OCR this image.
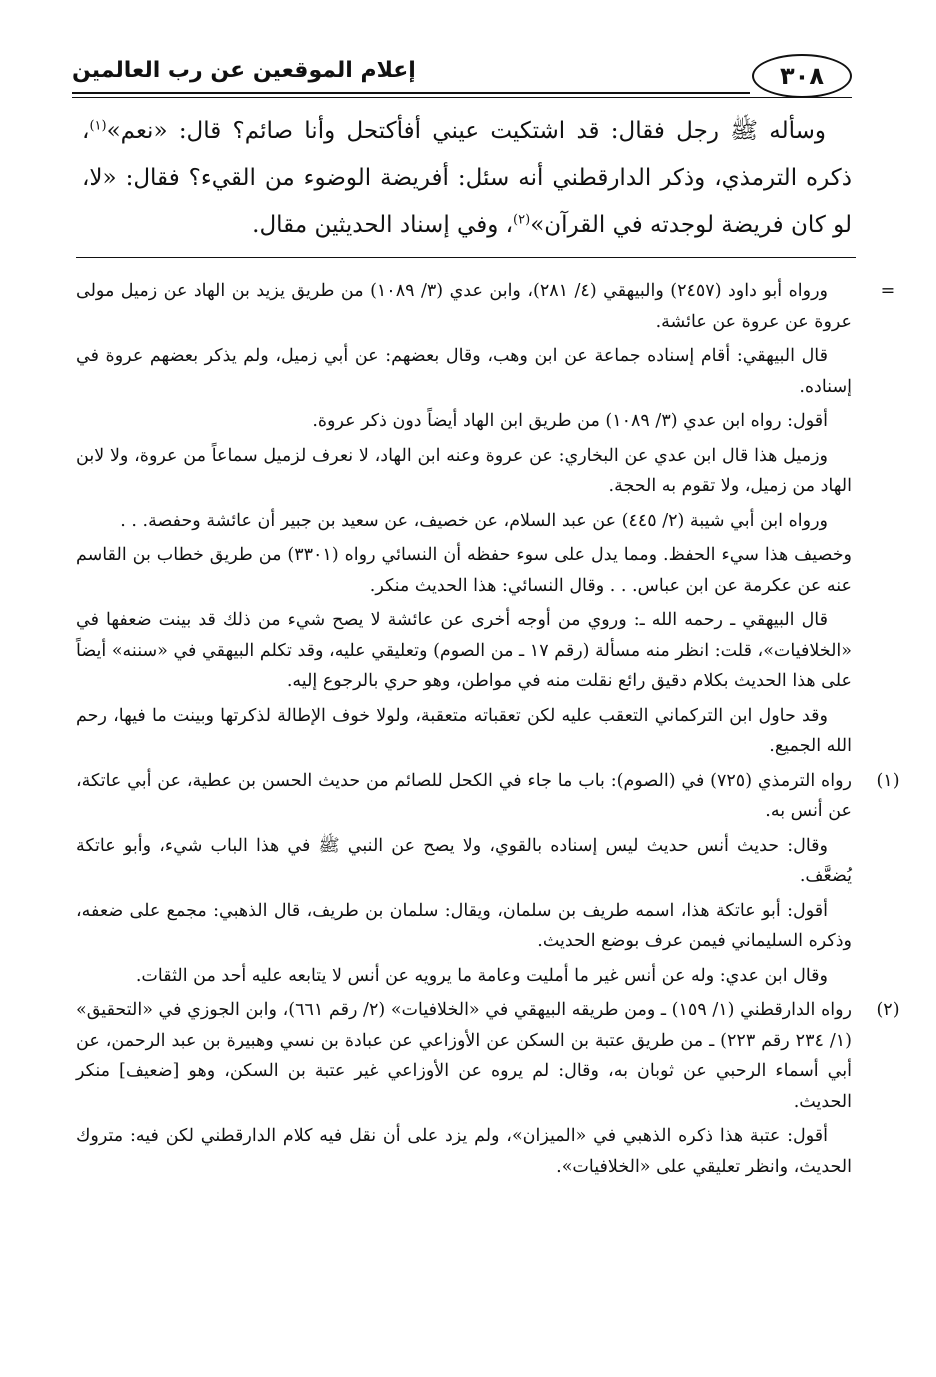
٣٠٨
إعلام الموقعين عن رب العالمين

وسأله ﷺ رجل فقال: قد اشتكيت عيني أفأكتحل وأنا صائم؟ قال: «نعم»$^{(١)}$، ذكره الترمذي، وذكر الدارقطني أنه سئل: أفريضة الوضوء من القيء؟ فقال: «لا، لو كان فريضة لوجدته في القرآن»$^{(٢)}$، وفي إسناد الحديثين مقال.

=

ورواه أبو داود (٢٤٥٧) والبيهقي (٤/ ٢٨١)، وابن عدي (٣/ ١٠٨٩) من طريق يزيد بن الهاد عن زميل مولى عروة عن عروة عن عائشة.

قال البيهقي: أقام إسناده جماعة عن ابن وهب، وقال بعضهم: عن أبي زميل، ولم يذكر بعضهم عروة في إسناده.

أقول: رواه ابن عدي (٣/ ١٠٨٩) من طريق ابن الهاد أيضاً دون ذكر عروة.

وزميل هذا قال ابن عدي عن البخاري: عن عروة وعنه ابن الهاد، لا نعرف لزميل سماعاً من عروة، ولا لابن الهاد من زميل، ولا تقوم به الحجة.

ورواه ابن أبي شيبة (٢/ ٤٤٥) عن عبد السلام، عن خصيف، عن سعيد بن جبير أن عائشة وحفصة. . .

وخصيف هذا سيء الحفظ. ومما يدل على سوء حفظه أن النسائي رواه (٣٣٠١) من طريق خطاب بن القاسم عنه عن عكرمة عن ابن عباس. . . وقال النسائي: هذا الحديث منكر.

قال البيهقي ـ رحمه الله ـ: وروي من أوجه أخرى عن عائشة لا يصح شيء من ذلك قد بينت ضعفها في «الخلافيات»، قلت: انظر منه مسألة (رقم ١٧ ـ من الصوم) وتعليقي عليه، وقد تكلم البيهقي في «سننه» أيضاً على هذا الحديث بكلام دقيق رائع نقلت منه في مواطن، وهو حري بالرجوع إليه.

وقد حاول ابن التركماني التعقب عليه لكن تعقباته متعقبة، ولولا خوف الإطالة لذكرتها وبينت ما فيها، رحم الله الجميع.

(١)

رواه الترمذي (٧٢٥) في (الصوم): باب ما جاء في الكحل للصائم من حديث الحسن بن عطية، عن أبي عاتكة، عن أنس به.

وقال: حديث أنس حديث ليس إسناده بالقوي، ولا يصح عن النبي ﷺ في هذا الباب شيء، وأبو عاتكة يُضعَّف.

أقول: أبو عاتكة هذا، اسمه طريف بن سلمان، ويقال: سلمان بن طريف، قال الذهبي: مجمع على ضعفه، وذكره السليماني فيمن عرف بوضع الحديث.

وقال ابن عدي: وله عن أنس غير ما أمليت وعامة ما يرويه عن أنس لا يتابعه عليه أحد من الثقات.

(٢)

رواه الدارقطني (١/ ١٥٩) ـ ومن طريقه البيهقي في «الخلافيات» (٢/ رقم ٦٦١)، وابن الجوزي في «التحقيق» (١/ ٢٣٤ رقم ٢٢٣) ـ من طريق عتبة بن السكن عن الأوزاعي عن عبادة بن نسي وهبيرة بن عبد الرحمن، عن أبي أسماء الرحبي عن ثوبان به، وقال: لم يروه عن الأوزاعي غير عتبة بن السكن، وهو [ضعيف] منكر الحديث.

أقول: عتبة هذا ذكره الذهبي في «الميزان»، ولم يزد على أن نقل فيه كلام الدارقطني لكن فيه: متروك الحديث، وانظر تعليقي على «الخلافيات».
